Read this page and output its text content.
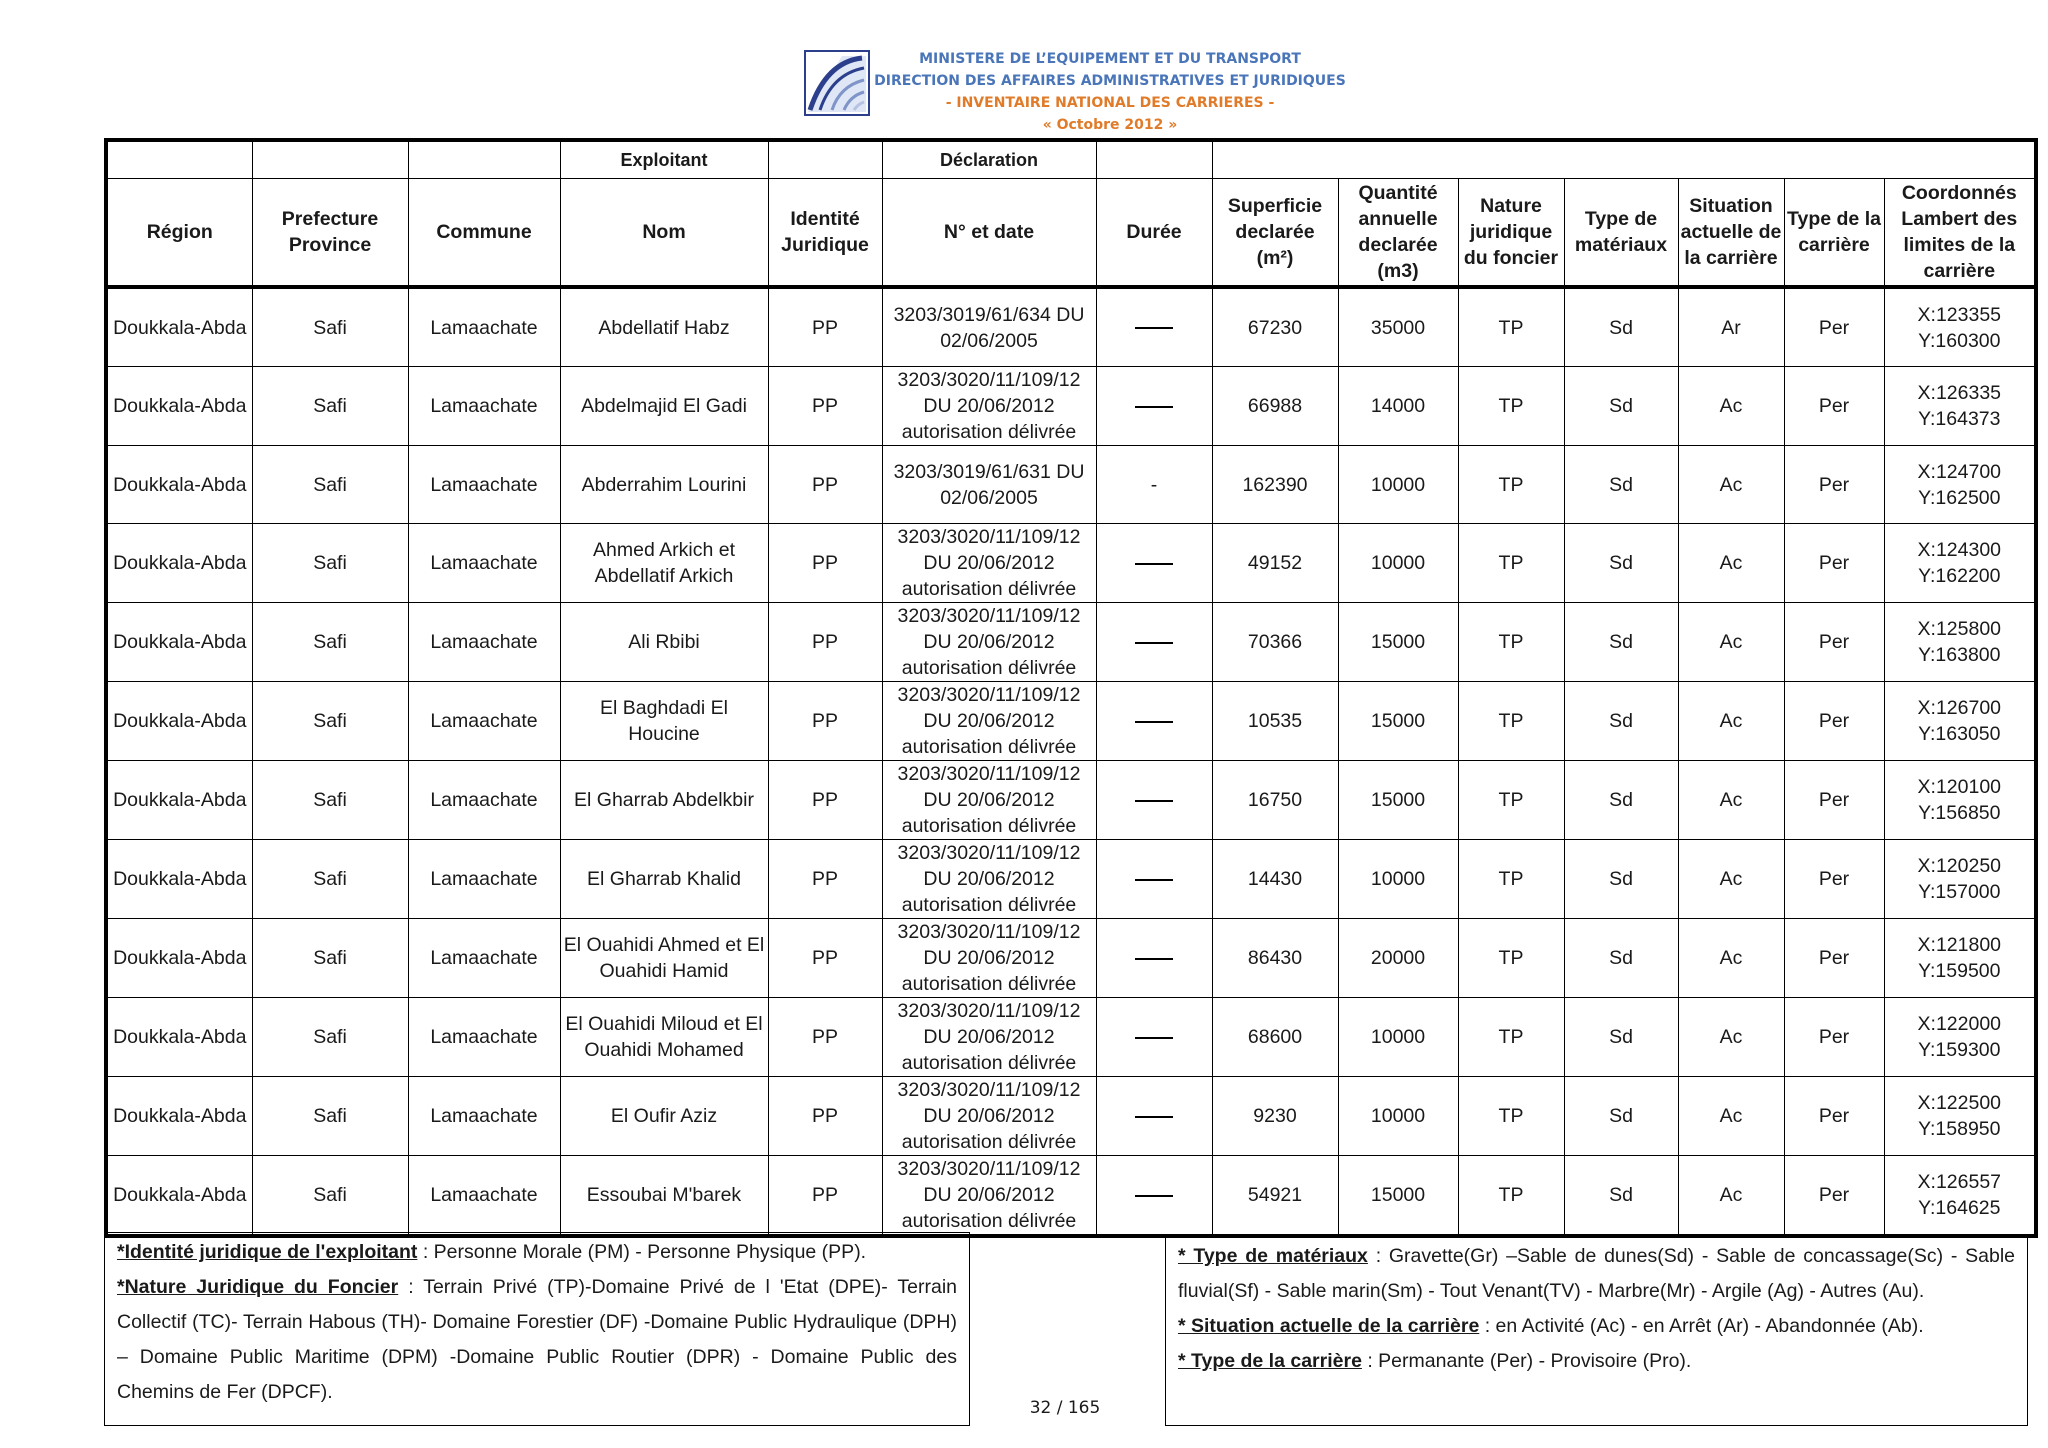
MINISTERE DE L’EQUIPEMENT ET DU TRANSPORT
DIRECTION DES AFFAIRES ADMINISTRATIVES ET JURIDIQUES
- INVENTAIRE NATIONAL DES CARRIERES -
« Octobre 2012 »
			Exploitant		Déclaration								
Région	Prefecture Province	Commune	Nom	Identité Juridique	N° et date	Durée	Superficie declarée (m²)	Quantité annuelle declarée (m3)	Nature juridique du foncier	Type de matériaux	Situation actuelle de la carrière	Type de la carrière	Coordonnés Lambert des limites de la carrière
Doukkala-Abda	Safi	Lamaachate	Abdellatif Habz	PP	3203/3019/61/634 DU 02/06/2005		67230	35000	TP	Sd	Ar	Per	X:123355
Y:160300

Doukkala-Abda	Safi	Lamaachate	Abdelmajid El Gadi	PP	3203/3020/11/109/12 DU 20/06/2012 autorisation délivrée		66988	14000	TP	Sd	Ac	Per	X:126335
Y:164373

Doukkala-Abda	Safi	Lamaachate	Abderrahim Lourini	PP	3203/3019/61/631 DU 02/06/2005	-	162390	10000	TP	Sd	Ac	Per	X:124700
Y:162500

Doukkala-Abda	Safi	Lamaachate	Ahmed Arkich et Abdellatif Arkich	PP	3203/3020/11/109/12 DU 20/06/2012 autorisation délivrée		49152	10000	TP	Sd	Ac	Per	X:124300
Y:162200

Doukkala-Abda	Safi	Lamaachate	Ali Rbibi	PP	3203/3020/11/109/12 DU 20/06/2012 autorisation délivrée		70366	15000	TP	Sd	Ac	Per	X:125800
Y:163800

Doukkala-Abda	Safi	Lamaachate	El Baghdadi El Houcine	PP	3203/3020/11/109/12 DU 20/06/2012 autorisation délivrée		10535	15000	TP	Sd	Ac	Per	X:126700
Y:163050

Doukkala-Abda	Safi	Lamaachate	El Gharrab Abdelkbir	PP	3203/3020/11/109/12 DU 20/06/2012 autorisation délivrée		16750	15000	TP	Sd	Ac	Per	X:120100
Y:156850

Doukkala-Abda	Safi	Lamaachate	El Gharrab Khalid	PP	3203/3020/11/109/12 DU 20/06/2012 autorisation délivrée		14430	10000	TP	Sd	Ac	Per	X:120250
Y:157000

Doukkala-Abda	Safi	Lamaachate	El Ouahidi Ahmed et El Ouahidi Hamid	PP	3203/3020/11/109/12 DU 20/06/2012 autorisation délivrée		86430	20000	TP	Sd	Ac	Per	X:121800
Y:159500

Doukkala-Abda	Safi	Lamaachate	El Ouahidi Miloud et El Ouahidi Mohamed	PP	3203/3020/11/109/12 DU 20/06/2012 autorisation délivrée		68600	10000	TP	Sd	Ac	Per	X:122000
Y:159300

Doukkala-Abda	Safi	Lamaachate	El Oufir Aziz	PP	3203/3020/11/109/12 DU 20/06/2012 autorisation délivrée		9230	10000	TP	Sd	Ac	Per	X:122500
Y:158950

Doukkala-Abda	Safi	Lamaachate	Essoubai M'barek	PP	3203/3020/11/109/12 DU 20/06/2012 autorisation délivrée		54921	15000	TP	Sd	Ac	Per	X:126557
Y:164625

*Identité juridique de l'exploitant : Personne Morale (PM) - Personne Physique (PP).

*Nature Juridique du Foncier : Terrain Privé (TP)-Domaine Privé de l 'Etat (DPE)- Terrain Collectif (TC)- Terrain Habous (TH)- Domaine Forestier (DF) -Domaine Public Hydraulique (DPH) – Domaine Public Maritime (DPM) -Domaine Public Routier (DPR) - Domaine Public des Chemins de Fer (DPCF).

* Type de matériaux : Gravette(Gr) –Sable de dunes(Sd) - Sable de concassage(Sc) - Sable fluvial(Sf) - Sable marin(Sm) - Tout Venant(TV) - Marbre(Mr) - Argile (Ag) - Autres (Au).

* Situation actuelle de la carrière : en Activité (Ac) - en Arrêt (Ar) - Abandonnée (Ab).

* Type de la carrière : Permanante (Per) - Provisoire (Pro).

32 / 165
